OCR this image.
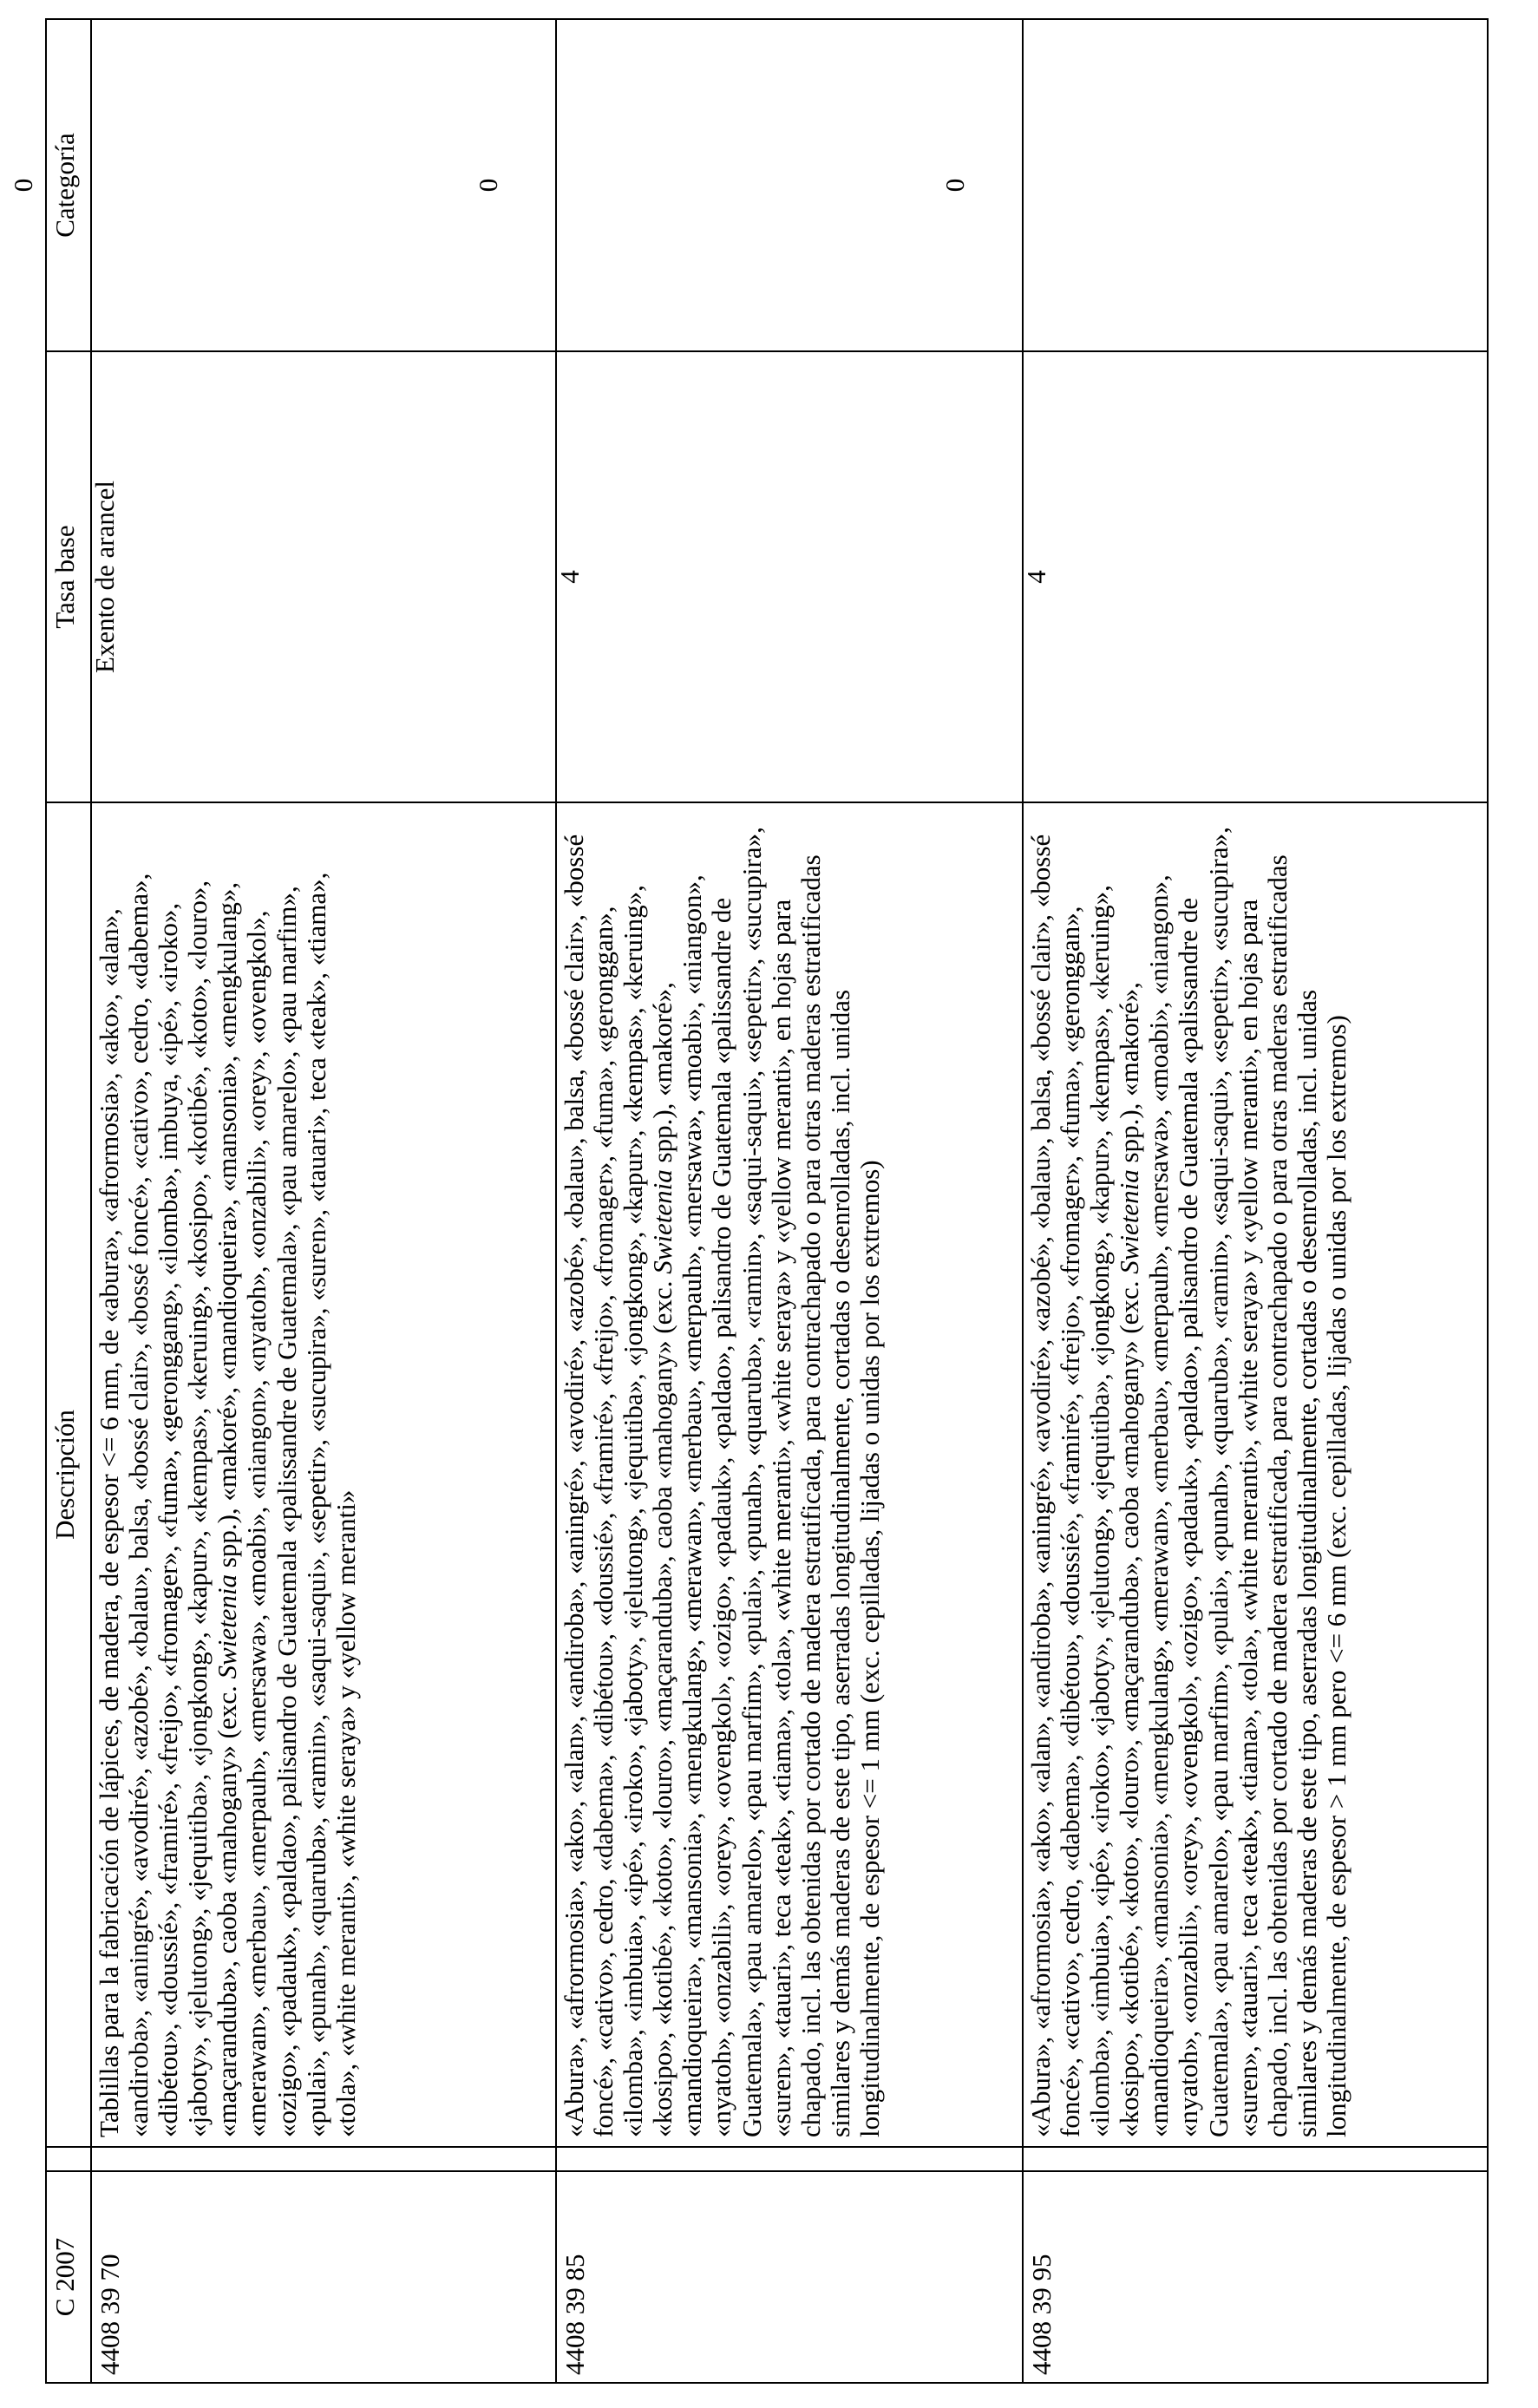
C 2007		Descripción	Tasa base	Categoría
4408 39 70		Tablillas para la fabricación de lápices, de madera, de espesor <= 6 mm, de «abura», «afrormosia», «ako», «alan», «andiroba», «aningré», «avodiré», «azobé», «balau», balsa, «bossé clair», «bossé foncé», «cativo», cedro, «dabema», «dibétou», «doussié», «framiré», «freijo», «fromager», «fuma», «geronggang», «ilomba», imbuya, «ipé», «iroko», «jaboty», «jelutong», «jequitiba», «jongkong», «kapur», «kempas», «keruing», «kosipo», «kotibé», «koto», «louro», «maçaranduba», caoba «mahogany» (exc. Swietenia spp.), «makoré», «mandioqueira», «mansonia», «mengkulang», «merawan», «merbau», «merpauh», «mersawa», «moabi», «niangon», «nyatoh», «onzabili», «orey», «ovengkol», «ozigo», «padauk», «paldao», palisandro de Guatemala «palissandre de Guatemala», «pau amarelo», «pau marfim», «pulai», «punah», «quaruba», «ramin», «saqui-saqui», «sepetir», «sucupira», «suren», «tauari», teca «teak», «tiama», «tola», «white meranti», «white seraya» y «yellow meranti»	Exento de arancel	0
4408 39 85		«Abura», «afrormosia», «ako», «alan», «andiroba», «aningré», «avodiré», «azobé», «balau», balsa, «bossé clair», «bossé foncé», «cativo», cedro, «dabema», «dibétou», «doussié», «framiré», «freijo», «fromager», «fuma», «geronggan», «ilomba», «imbuia», «ipé», «iroko», «jaboty», «jelutong», «jequitiba», «jongkong», «kapur», «kempas», «keruing», «kosipo», «kotibé», «koto», «louro», «maçaranduba», caoba «mahogany» (exc. Swietenia spp.), «makoré», «mandioqueira», «mansonia», «mengkulang», «merawan», «merbau», «merpauh», «mersawa», «moabi», «niangon», «nyatoh», «onzabili», «orey», «ovengkol», «ozigo», «padauk», «paldao», palisandro de Guatemala «palissandre de Guatemala», «pau amarelo», «pau marfim», «pulai», «punah», «quaruba», «ramin», «saqui-saqui», «sepetir», «sucupira», «suren», «tauari», teca «teak», «tiama», «tola», «white meranti», «white seraya» y «yellow meranti», en hojas para chapado, incl. las obtenidas por cortado de madera estratificada, para contrachapado o para otras maderas estratificadas similares y demás maderas de este tipo, aserradas longitudinalmente, cortadas o desenrolladas, incl. unidas longitudinalmente, de espesor <= 1 mm (exc. cepilladas, lijadas o unidas por los extremos)	4	0
4408 39 95		«Abura», «afrormosia», «ako», «alan», «andiroba», «aningré», «avodiré», «azobé», «balau», balsa, «bossé clair», «bossé foncé», «cativo», cedro, «dabema», «dibétou», «doussié», «framiré», «freijo», «fromager», «fuma», «geronggan», «ilomba», «imbuia», «ipé», «iroko», «jaboty», «jelutong», «jequitiba», «jongkong», «kapur», «kempas», «keruing», «kosipo», «kotibé», «koto», «louro», «maçaranduba», caoba «mahogany» (exc. Swietenia spp.), «makoré», «mandioqueira», «mansonia», «mengkulang», «merawan», «merbau», «merpauh», «mersawa», «moabi», «niangon», «nyatoh», «onzabili», «orey», «ovengkol», «ozigo», «padauk», «paldao», palisandro de Guatemala «palissandre de Guatemala», «pau amarelo», «pau marfim», «pulai», «punah», «quaruba», «ramin», «saqui-saqui», «sepetir», «sucupira», «suren», «tauari», teca «teak», «tiama», «tola», «white meranti», «white seraya» y «yellow meranti», en hojas para chapado, incl. las obtenidas por cortado de madera estratificada, para contrachapado o para otras maderas estratificadas similares y demás maderas de este tipo, aserradas longitudinalmente, cortadas o desenrolladas, incl. unidas longitudinalmente, de espesor > 1 mm pero <= 6 mm (exc. cepilladas, lijadas o unidas por los extremos)	4	0
